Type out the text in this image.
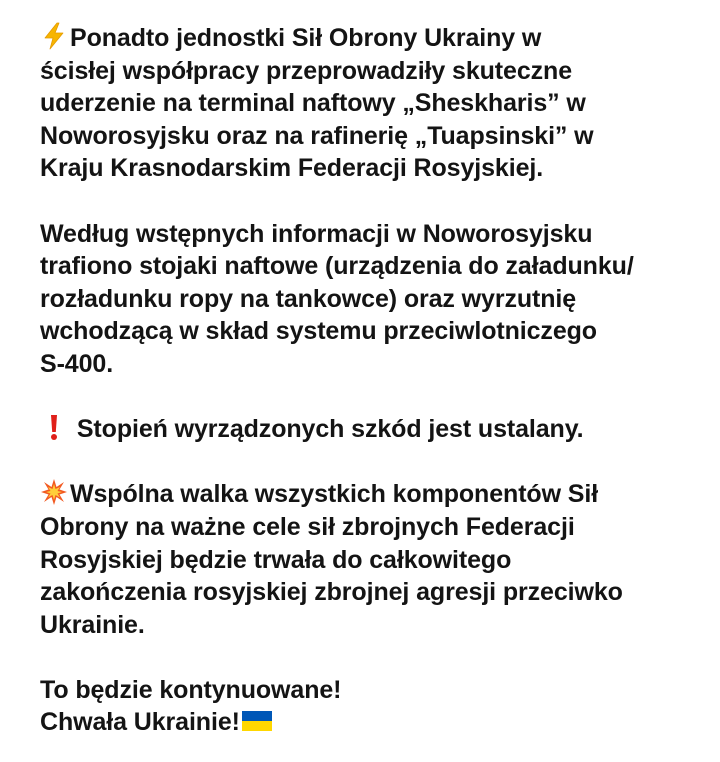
Ponadto jednostki Sił Obrony Ukrainy w
ścisłej współpracy przeprowadziły skuteczne
uderzenie na terminal naftowy „Sheskharis” w
Noworosyjsku oraz na rafinerię „Tuapsinski” w
Kraju Krasnodarskim Federacji Rosyjskiej.

Według wstępnych informacji w Noworosyjsku
trafiono stojaki naftowe (urządzenia do załadunku/
rozładunku ropy na tankowce) oraz wyrzutnię
wchodzącą w skład systemu przeciwlotniczego
S-400.

Stopień wyrządzonych szkód jest ustalany.

Wspólna walka wszystkich komponentów Sił
Obrony na ważne cele sił zbrojnych Federacji
Rosyjskiej będzie trwała do całkowitego
zakończenia rosyjskiej zbrojnej agresji przeciwko
Ukrainie.

To będzie kontynuowane!
Chwała Ukrainie!
